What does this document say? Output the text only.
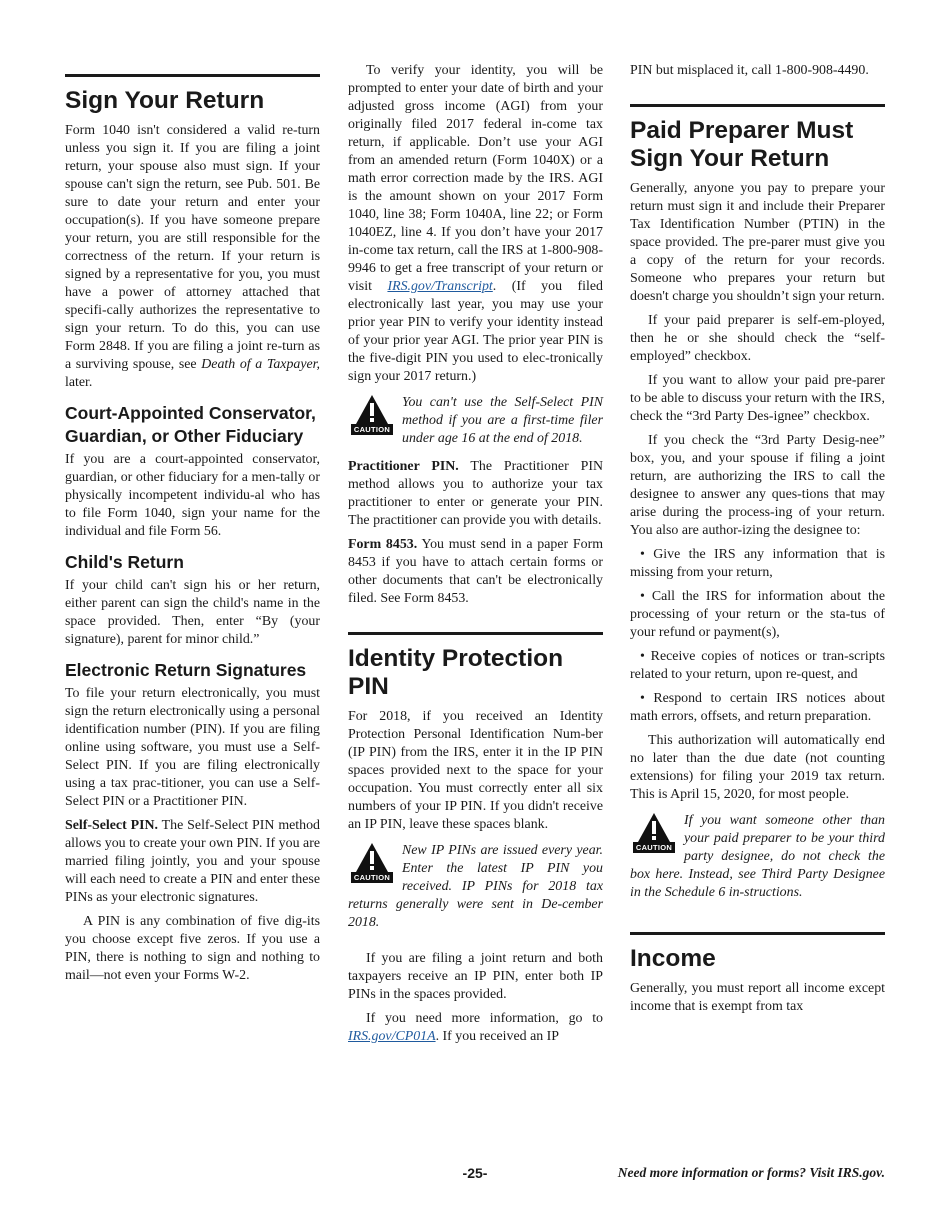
Sign Your Return

Form 1040 isn't considered a valid re-turn unless you sign it. If you are filing a joint return, your spouse also must sign. If your spouse can't sign the return, see Pub. 501. Be sure to date your return and enter your occupation(s). If you have someone prepare your return, you are still responsible for the correctness of the return. If your return is signed by a representative for you, you must have a power of attorney attached that specifi-cally authorizes the representative to sign your return. To do this, you can use Form 2848. If you are filing a joint re-turn as a surviving spouse, see Death of a Taxpayer, later.

Court-Appointed Conservator, Guardian, or Other Fiduciary

If you are a court-appointed conservator, guardian, or other fiduciary for a men-tally or physically incompetent individu-al who has to file Form 1040, sign your name for the individual and file Form 56.

Child's Return

If your child can't sign his or her return, either parent can sign the child's name in the space provided. Then, enter “By (your signature), parent for minor child.”

Electronic Return Signatures

To file your return electronically, you must sign the return electronically using a personal identification number (PIN). If you are filing online using software, you must use a Self-Select PIN. If you are filing electronically using a tax prac-titioner, you can use a Self-Select PIN or a Practitioner PIN.

Self-Select PIN. The Self-Select PIN method allows you to create your own PIN. If you are married filing jointly, you and your spouse will each need to create a PIN and enter these PINs as your electronic signatures.

A PIN is any combination of five dig-its you choose except five zeros. If you use a PIN, there is nothing to sign and nothing to mail—not even your Forms W-2.

To verify your identity, you will be prompted to enter your date of birth and your adjusted gross income (AGI) from your originally filed 2017 federal in-come tax return, if applicable. Don’t use your AGI from an amended return (Form 1040X) or a math error correction made by the IRS. AGI is the amount shown on your 2017 Form 1040, line 38; Form 1040A, line 22; or Form 1040EZ, line 4. If you don’t have your 2017 in-come tax return, call the IRS at 1-800-908-9946 to get a free transcript of your return or visit IRS.gov/Transcript. (If you filed electronically last year, you may use your prior year PIN to verify your identity instead of your prior year AGI. The prior year PIN is the five-digit PIN you used to elec-tronically sign your 2017 return.)

CAUTION

You can't use the Self-Select PIN method if you are a first-time filer under age 16 at the end of 2018.

Practitioner PIN. The Practitioner PIN method allows you to authorize your tax practitioner to enter or generate your PIN. The practitioner can provide you with details.

Form 8453. You must send in a paper Form 8453 if you have to attach certain forms or other documents that can't be electronically filed. See Form 8453.

Identity Protection PIN

For 2018, if you received an Identity Protection Personal Identification Num-ber (IP PIN) from the IRS, enter it in the IP PIN spaces provided next to the space for your occupation. You must correctly enter all six numbers of your IP PIN. If you didn't receive an IP PIN, leave these spaces blank.

CAUTION

New IP PINs are issued every year. Enter the latest IP PIN you received. IP PINs for 2018 tax returns generally were sent in De-cember 2018.

If you are filing a joint return and both taxpayers receive an IP PIN, enter both IP PINs in the spaces provided.

If you need more information, go to IRS.gov/CP01A. If you received an IP

PIN but misplaced it, call 1-800-908-4490.

Paid Preparer Must Sign Your Return

Generally, anyone you pay to prepare your return must sign it and include their Preparer Tax Identification Number (PTIN) in the space provided. The pre-parer must give you a copy of the return for your records. Someone who prepares your return but doesn't charge you shouldn’t sign your return.

If your paid preparer is self-em-ployed, then he or she should check the “self-employed” checkbox.

If you want to allow your paid pre-parer to be able to discuss your return with the IRS, check the “3rd Party Des-ignee” checkbox.

If you check the “3rd Party Desig-nee” box, you, and your spouse if filing a joint return, are authorizing the IRS to call the designee to answer any ques-tions that may arise during the process-ing of your return. You also are author-izing the designee to:

• Give the IRS any information that is missing from your return,

• Call the IRS for information about the processing of your return or the sta-tus of your refund or payment(s),

• Receive copies of notices or tran-scripts related to your return, upon re-quest, and

• Respond to certain IRS notices about math errors, offsets, and return preparation.

This authorization will automatically end no later than the due date (not counting extensions) for filing your 2019 tax return. This is April 15, 2020, for most people.

CAUTION

If you want someone other than your paid preparer to be your third party designee, do not check the box here. Instead, see Third Party Designee in the Schedule 6 in-structions.

Income

Generally, you must report all income except income that is exempt from tax

-25-	Need more information or forms? Visit IRS.gov.
